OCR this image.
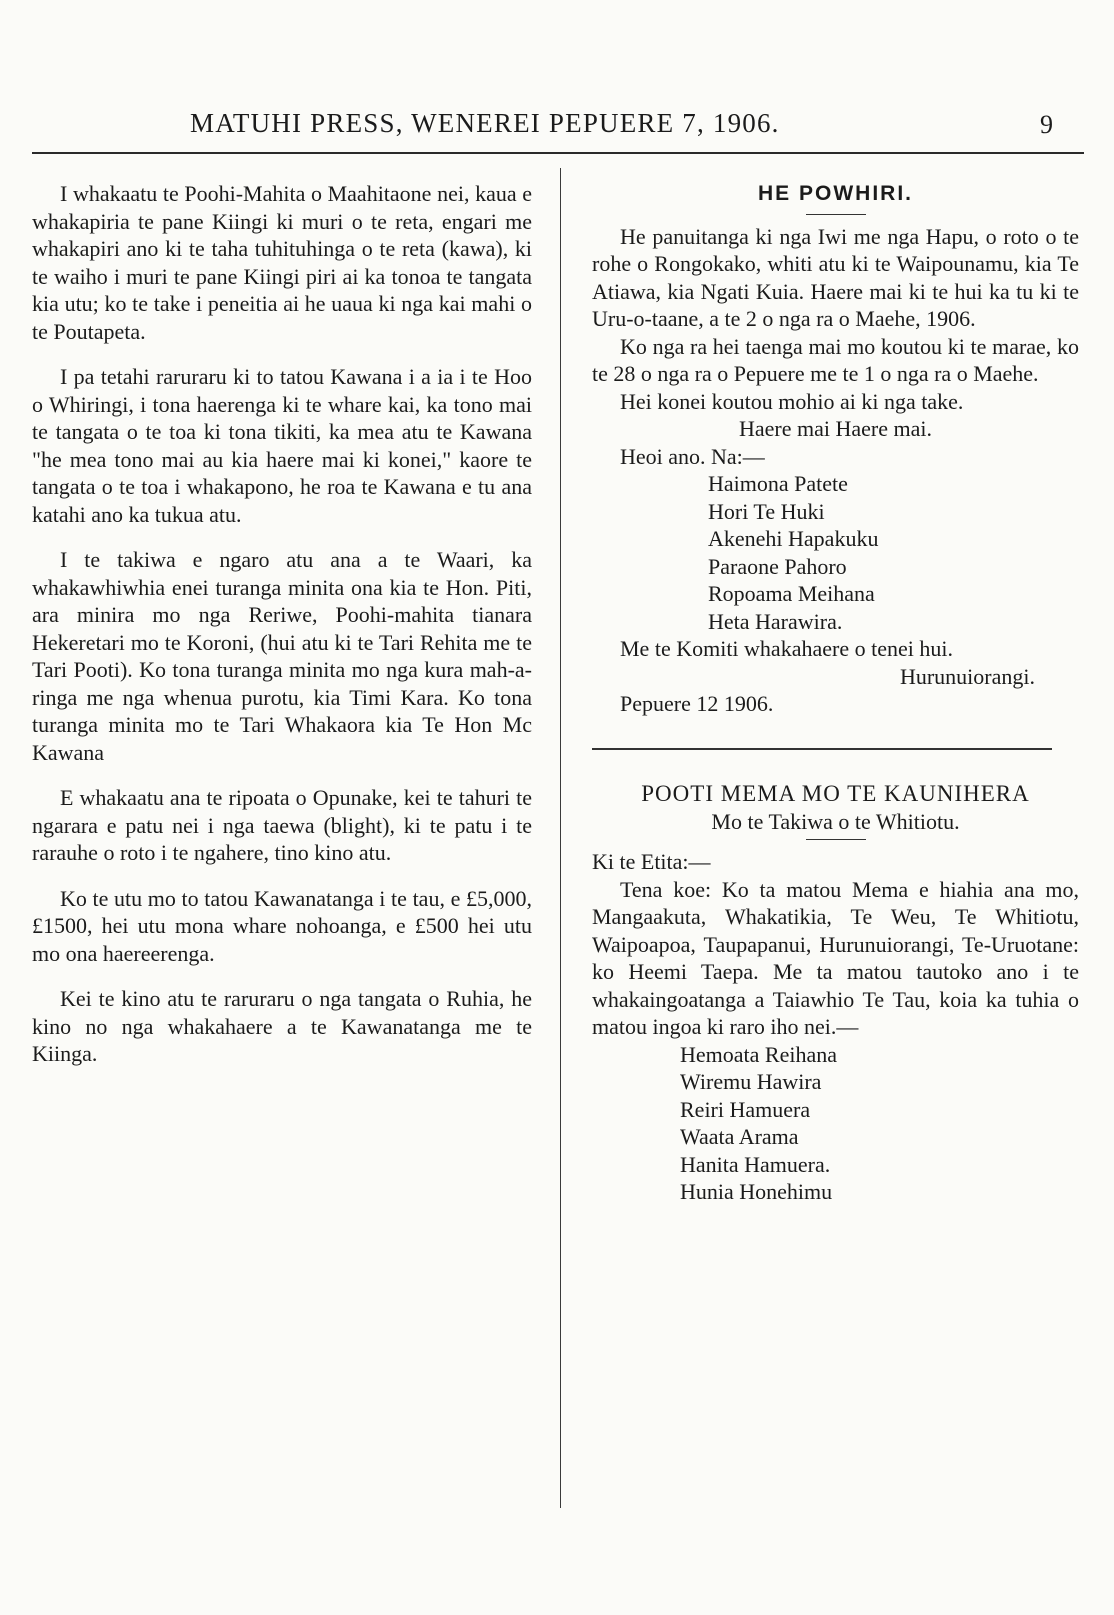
MATUHI PRESS, WENEREI PEPUERE 7, 1906.	9

I whakaatu te Poohi-Mahita o Maahitaone nei, kaua e whakapiria te pane Kiingi ki muri o te reta, engari me whakapiri ano ki te taha tuhituhinga o te reta (kawa), ki te waiho i muri te pane Kiingi piri ai ka tonoa te tangata kia utu; ko te take i peneitia ai he uaua ki nga kai mahi o te Poutapeta.

I pa tetahi raruraru ki to tatou Kawana i a ia i te Hoo o Whiringi, i tona haerenga ki te whare kai, ka tono mai te tangata o te toa ki tona tikiti, ka mea atu te Kawana "he mea tono mai au kia haere mai ki konei," kaore te tangata o te toa i whakapono, he roa te Kawana e tu ana katahi ano ka tukua atu.

I te takiwa e ngaro atu ana a te Waari, ka whakawhiwhia enei turanga minita ona kia te Hon. Piti, ara minira mo nga Reriwe, Poohi-mahita tianara Hekeretari mo te Koroni, (hui atu ki te Tari Rehita me te Tari Pooti). Ko tona turanga minita mo nga kura mah-a-ringa me nga whenua purotu, kia Timi Kara. Ko tona turanga minita mo te Tari Whakaora kia Te Hon Mc Kawana

E whakaatu ana te ripoata o Opunake, kei te tahuri te ngarara e patu nei i nga taewa (blight), ki te patu i te rarauhe o roto i te ngahere, tino kino atu.

Ko te utu mo to tatou Kawanatanga i te tau, e £5,000, £1500, hei utu mona whare nohoanga, e £500 hei utu mo ona haereerenga.

Kei te kino atu te raruraru o nga tangata o Ruhia, he kino no nga whakahaere a te Kawanatanga me te Kiinga.

HE POWHIRI.

He panuitanga ki nga Iwi me nga Hapu, o roto o te rohe o Rongokako, whiti atu ki te Waipounamu, kia Te Atiawa, kia Ngati Kuia. Haere mai ki te hui ka tu ki te Uru-o-taane, a te 2 o nga ra o Maehe, 1906.

Ko nga ra hei taenga mai mo koutou ki te marae, ko te 28 o nga ra o Pepuere me te 1 o nga ra o Maehe.

Hei konei koutou mohio ai ki nga take.

Haere mai Haere mai.

Heoi ano. Na:—

Haimona Patete
Hori Te Huki
Akenehi Hapakuku
Paraone Pahoro
Ropoama Meihana
Heta Harawira.

Me te Komiti whakahaere o tenei hui.

Hurunuiorangi.

Pepuere 12 1906.

POOTI MEMA MO TE KAUNIHERA

Mo te Takiwa o te Whitiotu.

Ki te Etita:—

Tena koe: Ko ta matou Mema e hiahia ana mo, Mangaakuta, Whakatikia, Te Weu, Te Whitiotu, Waipoapoa, Taupapanui, Hurunuiorangi, Te-Uruotane: ko Heemi Taepa. Me ta matou tautoko ano i te whakaingoatanga a Taiawhio Te Tau, koia ka tuhia o matou ingoa ki raro iho nei.—

Hemoata Reihana
Wiremu Hawira
Reiri Hamuera
Waata Arama
Hanita Hamuera.
Hunia Honehimu
